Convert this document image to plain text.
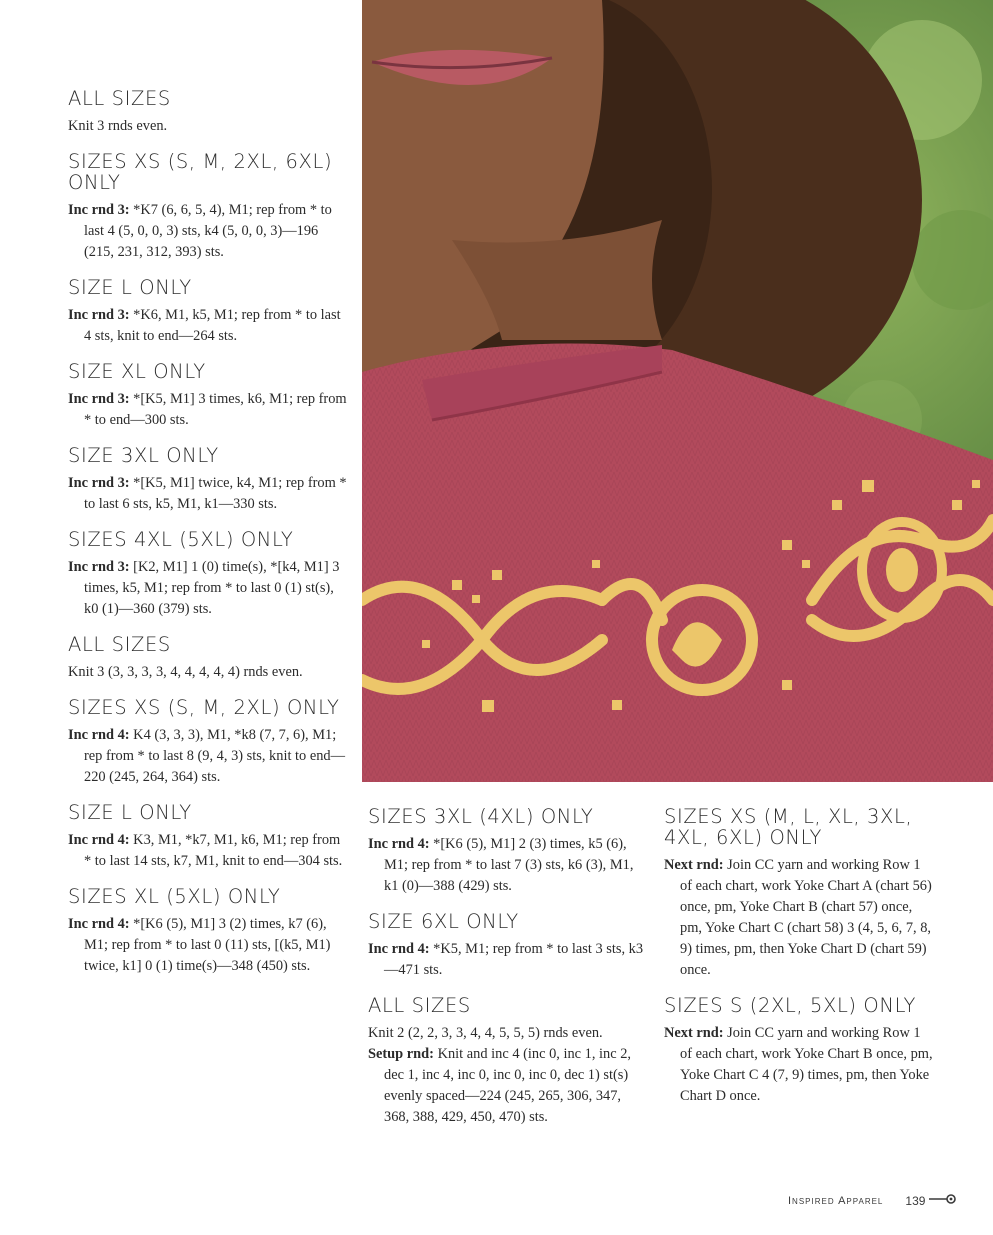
ALL SIZES

Knit 3 rnds even.

SIZES XS (S, M, 2XL, 6XL) ONLY

Inc rnd 3: *K7 (6, 6, 5, 4), M1; rep from * to last 4 (5, 0, 0, 3) sts, k4 (5, 0, 0, 3)—196 (215, 231, 312, 393) sts.

SIZE L ONLY

Inc rnd 3: *K6, M1, k5, M1; rep from * to last 4 sts, knit to end—264 sts.

SIZE XL ONLY

Inc rnd 3: *[K5, M1] 3 times, k6, M1; rep from * to end—300 sts.

SIZE 3XL ONLY

Inc rnd 3: *[K5, M1] twice, k4, M1; rep from * to last 6 sts, k5, M1, k1—330 sts.

SIZES 4XL (5XL) ONLY

Inc rnd 3: [K2, M1] 1 (0) time(s), *[k4, M1] 3 times, k5, M1; rep from * to last 0 (1) st(s), k0 (1)—360 (379) sts.

ALL SIZES

Knit 3 (3, 3, 3, 3, 4, 4, 4, 4, 4) rnds even.

SIZES XS (S, M, 2XL) ONLY

Inc rnd 4: K4 (3, 3, 3), M1, *k8 (7, 7, 6), M1; rep from * to last 8 (9, 4, 3) sts, knit to end—220 (245, 264, 364) sts.

SIZE L ONLY

Inc rnd 4: K3, M1, *k7, M1, k6, M1; rep from * to last 14 sts, k7, M1, knit to end—304 sts.

SIZES XL (5XL) ONLY

Inc rnd 4: *[K6 (5), M1] 3 (2) times, k7 (6), M1; rep from * to last 0 (11) sts, [(k5, M1) twice, k1] 0 (1) time(s)—348 (450) sts.

SIZES 3XL (4XL) ONLY

Inc rnd 4: *[K6 (5), M1] 2 (3) times, k5 (6), M1; rep from * to last 7 (3) sts, k6 (3), M1, k1 (0)—388 (429) sts.

SIZE 6XL ONLY

Inc rnd 4: *K5, M1; rep from * to last 3 sts, k3—471 sts.

ALL SIZES

Knit 2 (2, 2, 3, 3, 4, 4, 5, 5, 5) rnds even.

Setup rnd: Knit and inc 4 (inc 0, inc 1, inc 2, dec 1, inc 4, inc 0, inc 0, inc 0, dec 1) st(s) evenly spaced—224 (245, 265, 306, 347, 368, 388, 429, 450, 470) sts.

SIZES XS (M, L, XL, 3XL, 4XL, 6XL) ONLY

Next rnd: Join CC yarn and working Row 1 of each chart, work Yoke Chart A (chart 56) once, pm, Yoke Chart B (chart 57) once, pm, Yoke Chart C (chart 58) 3 (4, 5, 6, 7, 8, 9) times, pm, then Yoke Chart D (chart 59) once.

SIZES S (2XL, 5XL) ONLY

Next rnd: Join CC yarn and working Row 1 of each chart, work Yoke Chart B once, pm, Yoke Chart C 4 (7, 9) times, pm, then Yoke Chart D once.

Inspired Apparel 139
